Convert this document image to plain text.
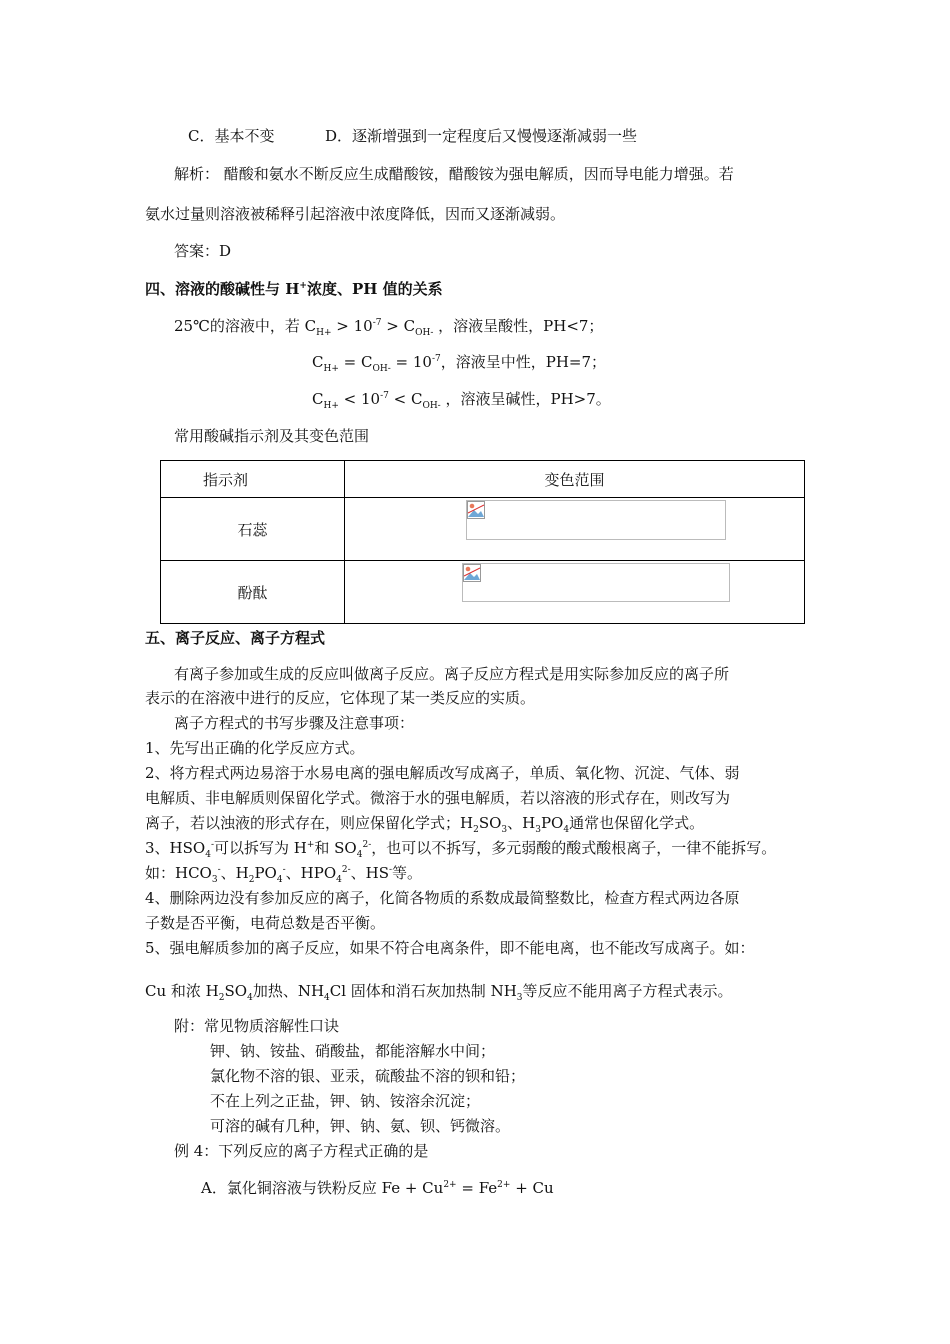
C．基本不变	D．逐渐增强到一定程度后又慢慢逐渐减弱一些
解析： 醋酸和氨水不断反应生成醋酸铵，醋酸铵为强电解质，因而导电能力增强。若
氨水过量则溶液被稀释引起溶液中浓度降低，因而又逐渐减弱。
答案：D
四、溶液的酸碱性与 H+浓度、PH 值的关系
25℃的溶液中，若 $C_{H+} > 10^{-7} > C_{OH-}$ ，溶液呈酸性，PH<7；
$C_{H+} = C_{OH-} = 10^{-7}$，溶液呈中性，PH=7；
$C_{H+} < 10^{-7} < C_{OH-}$ ，溶液呈碱性，PH>7。
常用酸碱指示剂及其变色范围
指示剂	变色范围
石蕊	

酚酞	
五、离子反应、离子方程式
有离子参加或生成的反应叫做离子反应。离子反应方程式是用实际参加反应的离子所
表示的在溶液中进行的反应，它体现了某一类反应的实质。
离子方程式的书写步骤及注意事项：
1、先写出正确的化学反应方式。
2、将方程式两边易溶于水易电离的强电解质改写成离子，单质、氧化物、沉淀、气体、弱
电解质、非电解质则保留化学式。微溶于水的强电解质，若以溶液的形式存在，则改写为
离子，若以浊液的形式存在，则应保留化学式；$H_2SO_3$、$H_3PO_4$通常也保留化学式。
3、$HSO_4^-$可以拆写为 H+和 $SO_4^{2-}$，也可以不拆写，多元弱酸的酸式酸根离子，一律不能拆写。
如：$HCO_3^-$、$H_2PO_4^-$、$HPO_4^{2-}$、HS-等。
4、删除两边没有参加反应的离子，化简各物质的系数成最简整数比，检查方程式两边各原
子数是否平衡，电荷总数是否平衡。
5、强电解质参加的离子反应，如果不符合电离条件，即不能电离，也不能改写成离子。如：
Cu 和浓 $H_2SO_4$加热、$NH_4Cl$ 固体和消石灰加热制 $NH_3$等反应不能用离子方程式表示。
附：常见物质溶解性口诀
钾、钠、铵盐、硝酸盐，都能溶解水中间；
氯化物不溶的银、亚汞，硫酸盐不溶的钡和铅；
不在上列之正盐，钾、钠、铵溶余沉淀；
可溶的碱有几种，钾、钠、氨、钡、钙微溶。
例 4：下列反应的离子方程式正确的是
A．氯化铜溶液与铁粉反应 $Fe + Cu^{2+} = Fe^{2+} + Cu$
